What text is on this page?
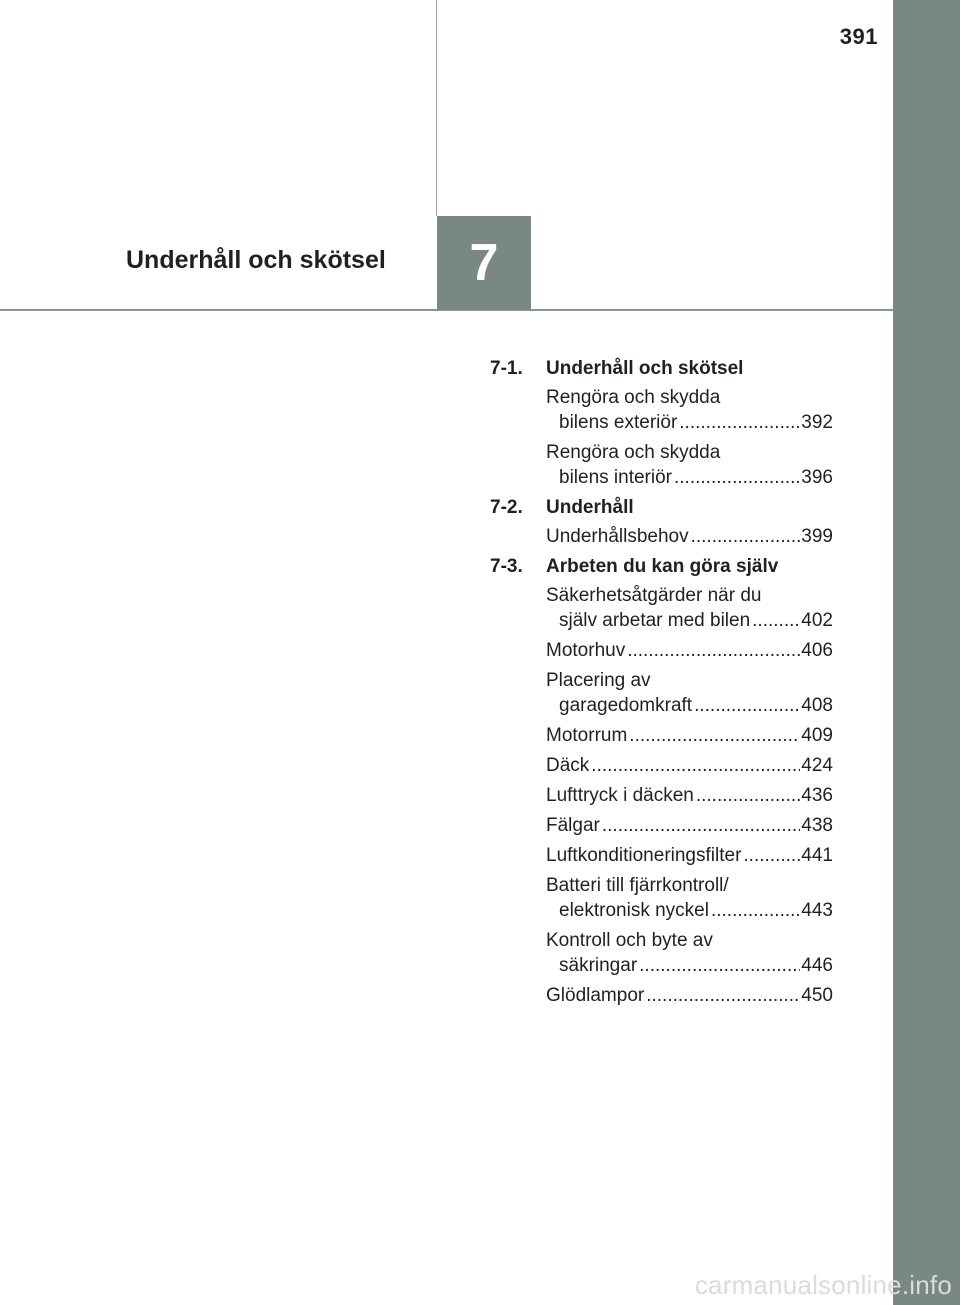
391
Underhåll och skötsel 7
7-1.	Underhåll och skötsel
Rengöra och skydda
bilens exteriör .....	392
Rengöra och skydda
bilens interiör .....	396
7-2.	Underhåll
Underhållsbehov .....	399
7-3.	Arbeten du kan göra själv
Säkerhetsåtgärder när du
själv arbetar med bilen .....	402
Motorhuv .....	406
Placering av
garagedomkraft .....	408
Motorrum .....	409
Däck .....	424
Lufttryck i däcken .....	436
Fälgar .....	438
Luftkonditioneringsfilter .....	441
Batteri till fjärrkontroll/
elektronisk nyckel .....	443
Kontroll och byte av
säkringar .....	446
Glödlampor .....	450
carmanualsonline.info
